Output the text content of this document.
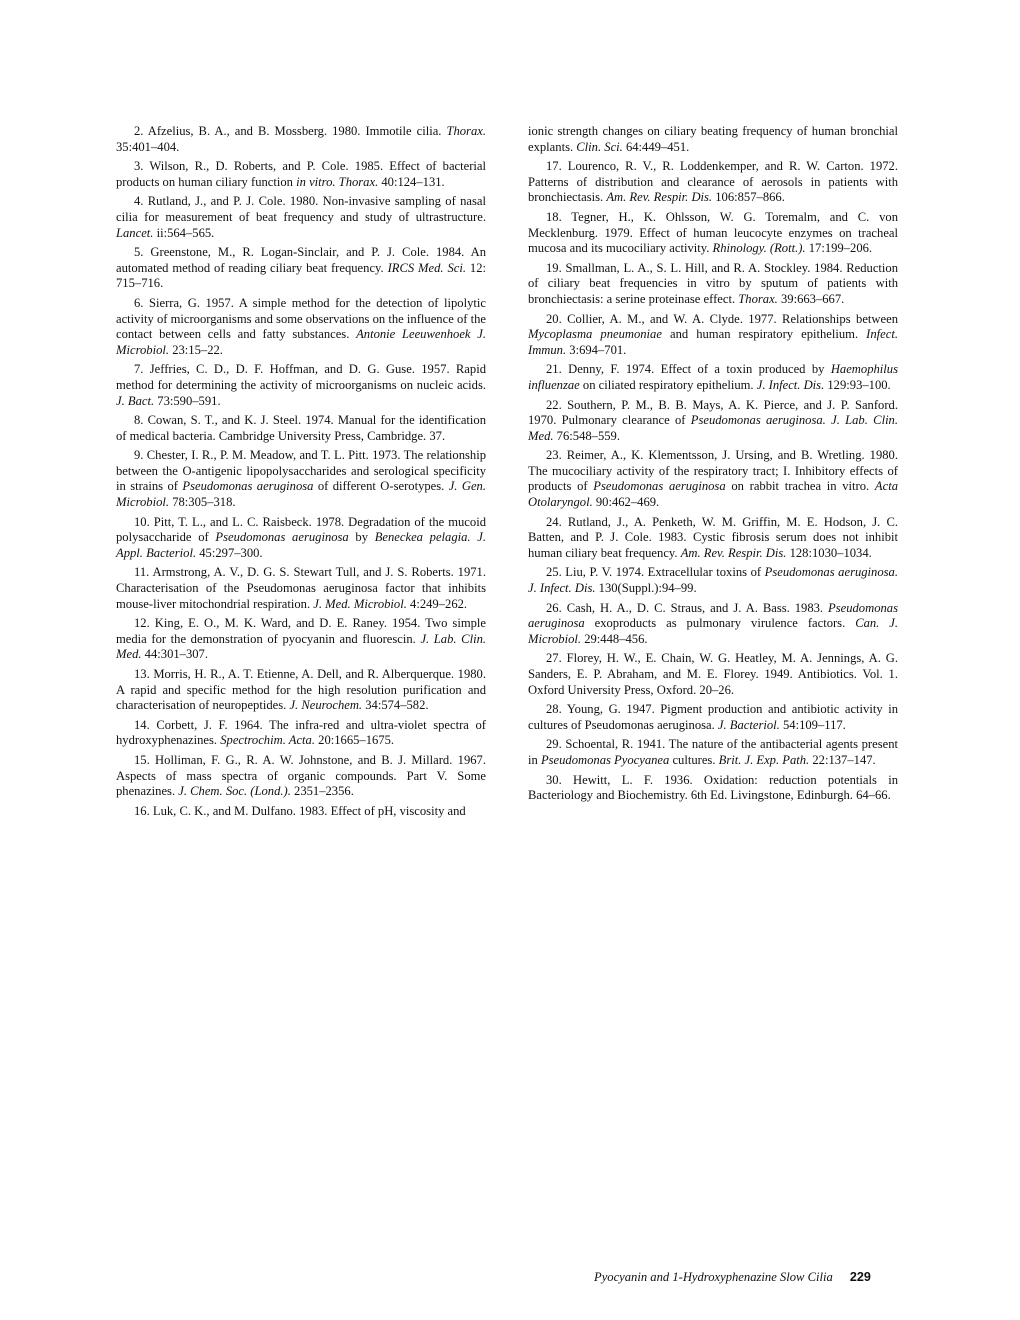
2. Afzelius, B. A., and B. Mossberg. 1980. Immotile cilia. Thorax. 35:401–404.

3. Wilson, R., D. Roberts, and P. Cole. 1985. Effect of bacterial products on human ciliary function in vitro. Thorax. 40:124–131.

4. Rutland, J., and P. J. Cole. 1980. Non-invasive sampling of nasal cilia for measurement of beat frequency and study of ultrastructure. Lancet. ii:564–565.

5. Greenstone, M., R. Logan-Sinclair, and P. J. Cole. 1984. An automated method of reading ciliary beat frequency. IRCS Med. Sci. 12: 715–716.

6. Sierra, G. 1957. A simple method for the detection of lipolytic activity of microorganisms and some observations on the influence of the contact between cells and fatty substances. Antonie Leeuwenhoek J. Microbiol. 23:15–22.

7. Jeffries, C. D., D. F. Hoffman, and D. G. Guse. 1957. Rapid method for determining the activity of microorganisms on nucleic acids. J. Bact. 73:590–591.

8. Cowan, S. T., and K. J. Steel. 1974. Manual for the identification of medical bacteria. Cambridge University Press, Cambridge. 37.

9. Chester, I. R., P. M. Meadow, and T. L. Pitt. 1973. The relationship between the O-antigenic lipopolysaccharides and serological specificity in strains of Pseudomonas aeruginosa of different O-serotypes. J. Gen. Microbiol. 78:305–318.

10. Pitt, T. L., and L. C. Raisbeck. 1978. Degradation of the mucoid polysaccharide of Pseudomonas aeruginosa by Beneckea pelagia. J. Appl. Bacteriol. 45:297–300.

11. Armstrong, A. V., D. G. S. Stewart Tull, and J. S. Roberts. 1971. Characterisation of the Pseudomonas aeruginosa factor that inhibits mouse-liver mitochondrial respiration. J. Med. Microbiol. 4:249–262.

12. King, E. O., M. K. Ward, and D. E. Raney. 1954. Two simple media for the demonstration of pyocyanin and fluorescin. J. Lab. Clin. Med. 44:301–307.

13. Morris, H. R., A. T. Etienne, A. Dell, and R. Alberquerque. 1980. A rapid and specific method for the high resolution purification and characterisation of neuropeptides. J. Neurochem. 34:574–582.

14. Corbett, J. F. 1964. The infra-red and ultra-violet spectra of hydroxyphenazines. Spectrochim. Acta. 20:1665–1675.

15. Holliman, F. G., R. A. W. Johnstone, and B. J. Millard. 1967. Aspects of mass spectra of organic compounds. Part V. Some phenazines. J. Chem. Soc. (Lond.). 2351–2356.

16. Luk, C. K., and M. Dulfano. 1983. Effect of pH, viscosity and

ionic strength changes on ciliary beating frequency of human bronchial explants. Clin. Sci. 64:449–451.

17. Lourenco, R. V., R. Loddenkemper, and R. W. Carton. 1972. Patterns of distribution and clearance of aerosols in patients with bronchiectasis. Am. Rev. Respir. Dis. 106:857–866.

18. Tegner, H., K. Ohlsson, W. G. Toremalm, and C. von Mecklenburg. 1979. Effect of human leucocyte enzymes on tracheal mucosa and its mucociliary activity. Rhinology. (Rott.). 17:199–206.

19. Smallman, L. A., S. L. Hill, and R. A. Stockley. 1984. Reduction of ciliary beat frequencies in vitro by sputum of patients with bronchiectasis: a serine proteinase effect. Thorax. 39:663–667.

20. Collier, A. M., and W. A. Clyde. 1977. Relationships between Mycoplasma pneumoniae and human respiratory epithelium. Infect. Immun. 3:694–701.

21. Denny, F. 1974. Effect of a toxin produced by Haemophilus influenzae on ciliated respiratory epithelium. J. Infect. Dis. 129:93–100.

22. Southern, P. M., B. B. Mays, A. K. Pierce, and J. P. Sanford. 1970. Pulmonary clearance of Pseudomonas aeruginosa. J. Lab. Clin. Med. 76:548–559.

23. Reimer, A., K. Klementsson, J. Ursing, and B. Wretling. 1980. The mucociliary activity of the respiratory tract; I. Inhibitory effects of products of Pseudomonas aeruginosa on rabbit trachea in vitro. Acta Otolaryngol. 90:462–469.

24. Rutland, J., A. Penketh, W. M. Griffin, M. E. Hodson, J. C. Batten, and P. J. Cole. 1983. Cystic fibrosis serum does not inhibit human ciliary beat frequency. Am. Rev. Respir. Dis. 128:1030–1034.

25. Liu, P. V. 1974. Extracellular toxins of Pseudomonas aeruginosa. J. Infect. Dis. 130(Suppl.):94–99.

26. Cash, H. A., D. C. Straus, and J. A. Bass. 1983. Pseudomonas aeruginosa exoproducts as pulmonary virulence factors. Can. J. Microbiol. 29:448–456.

27. Florey, H. W., E. Chain, W. G. Heatley, M. A. Jennings, A. G. Sanders, E. P. Abraham, and M. E. Florey. 1949. Antibiotics. Vol. 1. Oxford University Press, Oxford. 20–26.

28. Young, G. 1947. Pigment production and antibiotic activity in cultures of Pseudomonas aeruginosa. J. Bacteriol. 54:109–117.

29. Schoental, R. 1941. The nature of the antibacterial agents present in Pseudomonas Pyocyanea cultures. Brit. J. Exp. Path. 22:137–147.

30. Hewitt, L. F. 1936. Oxidation: reduction potentials in Bacteriology and Biochemistry. 6th Ed. Livingstone, Edinburgh. 64–66.

Pyocyanin and 1-Hydroxyphenazine Slow Cilia 229
